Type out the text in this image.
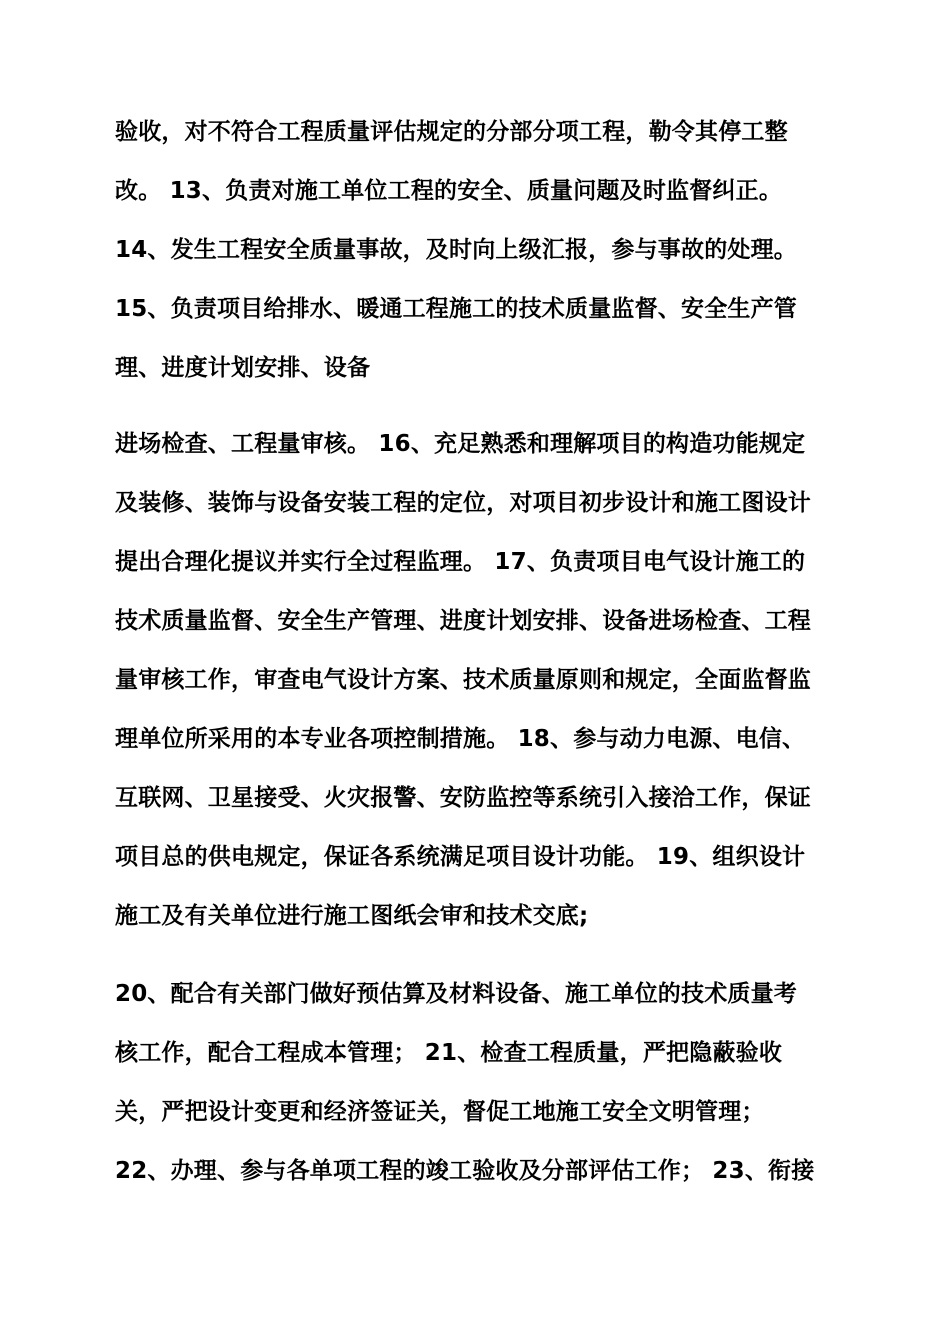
验收，对不符合工程质量评估规定的分部分项工程，勒令其停工整
改。 13、负责对施工单位工程的安全、质量问题及时监督纠正。
14、发生工程安全质量事故，及时向上级汇报，参与事故的处理。
15、负责项目给排水、暖通工程施工的技术质量监督、安全生产管
理、进度计划安排、设备
进场检查、工程量审核。 16、充足熟悉和理解项目的构造功能规定
及装修、装饰与设备安装工程的定位，对项目初步设计和施工图设计
提出合理化提议并实行全过程监理。 17、负责项目电气设计施工的
技术质量监督、安全生产管理、进度计划安排、设备进场检查、工程
量审核工作，审查电气设计方案、技术质量原则和规定，全面监督监
理单位所采用的本专业各项控制措施。 18、参与动力电源、电信、
互联网、卫星接受、火灾报警、安防监控等系统引入接洽工作，保证
项目总的供电规定，保证各系统满足项目设计功能。 19、组织设计
施工及有关单位进行施工图纸会审和技术交底;
20、配合有关部门做好预估算及材料设备、施工单位的技术质量考
核工作，配合工程成本管理； 21、检查工程质量，严把隐蔽验收
关，严把设计变更和经济签证关，督促工地施工安全文明管理；
22、办理、参与各单项工程的竣工验收及分部评估工作； 23、衔接
